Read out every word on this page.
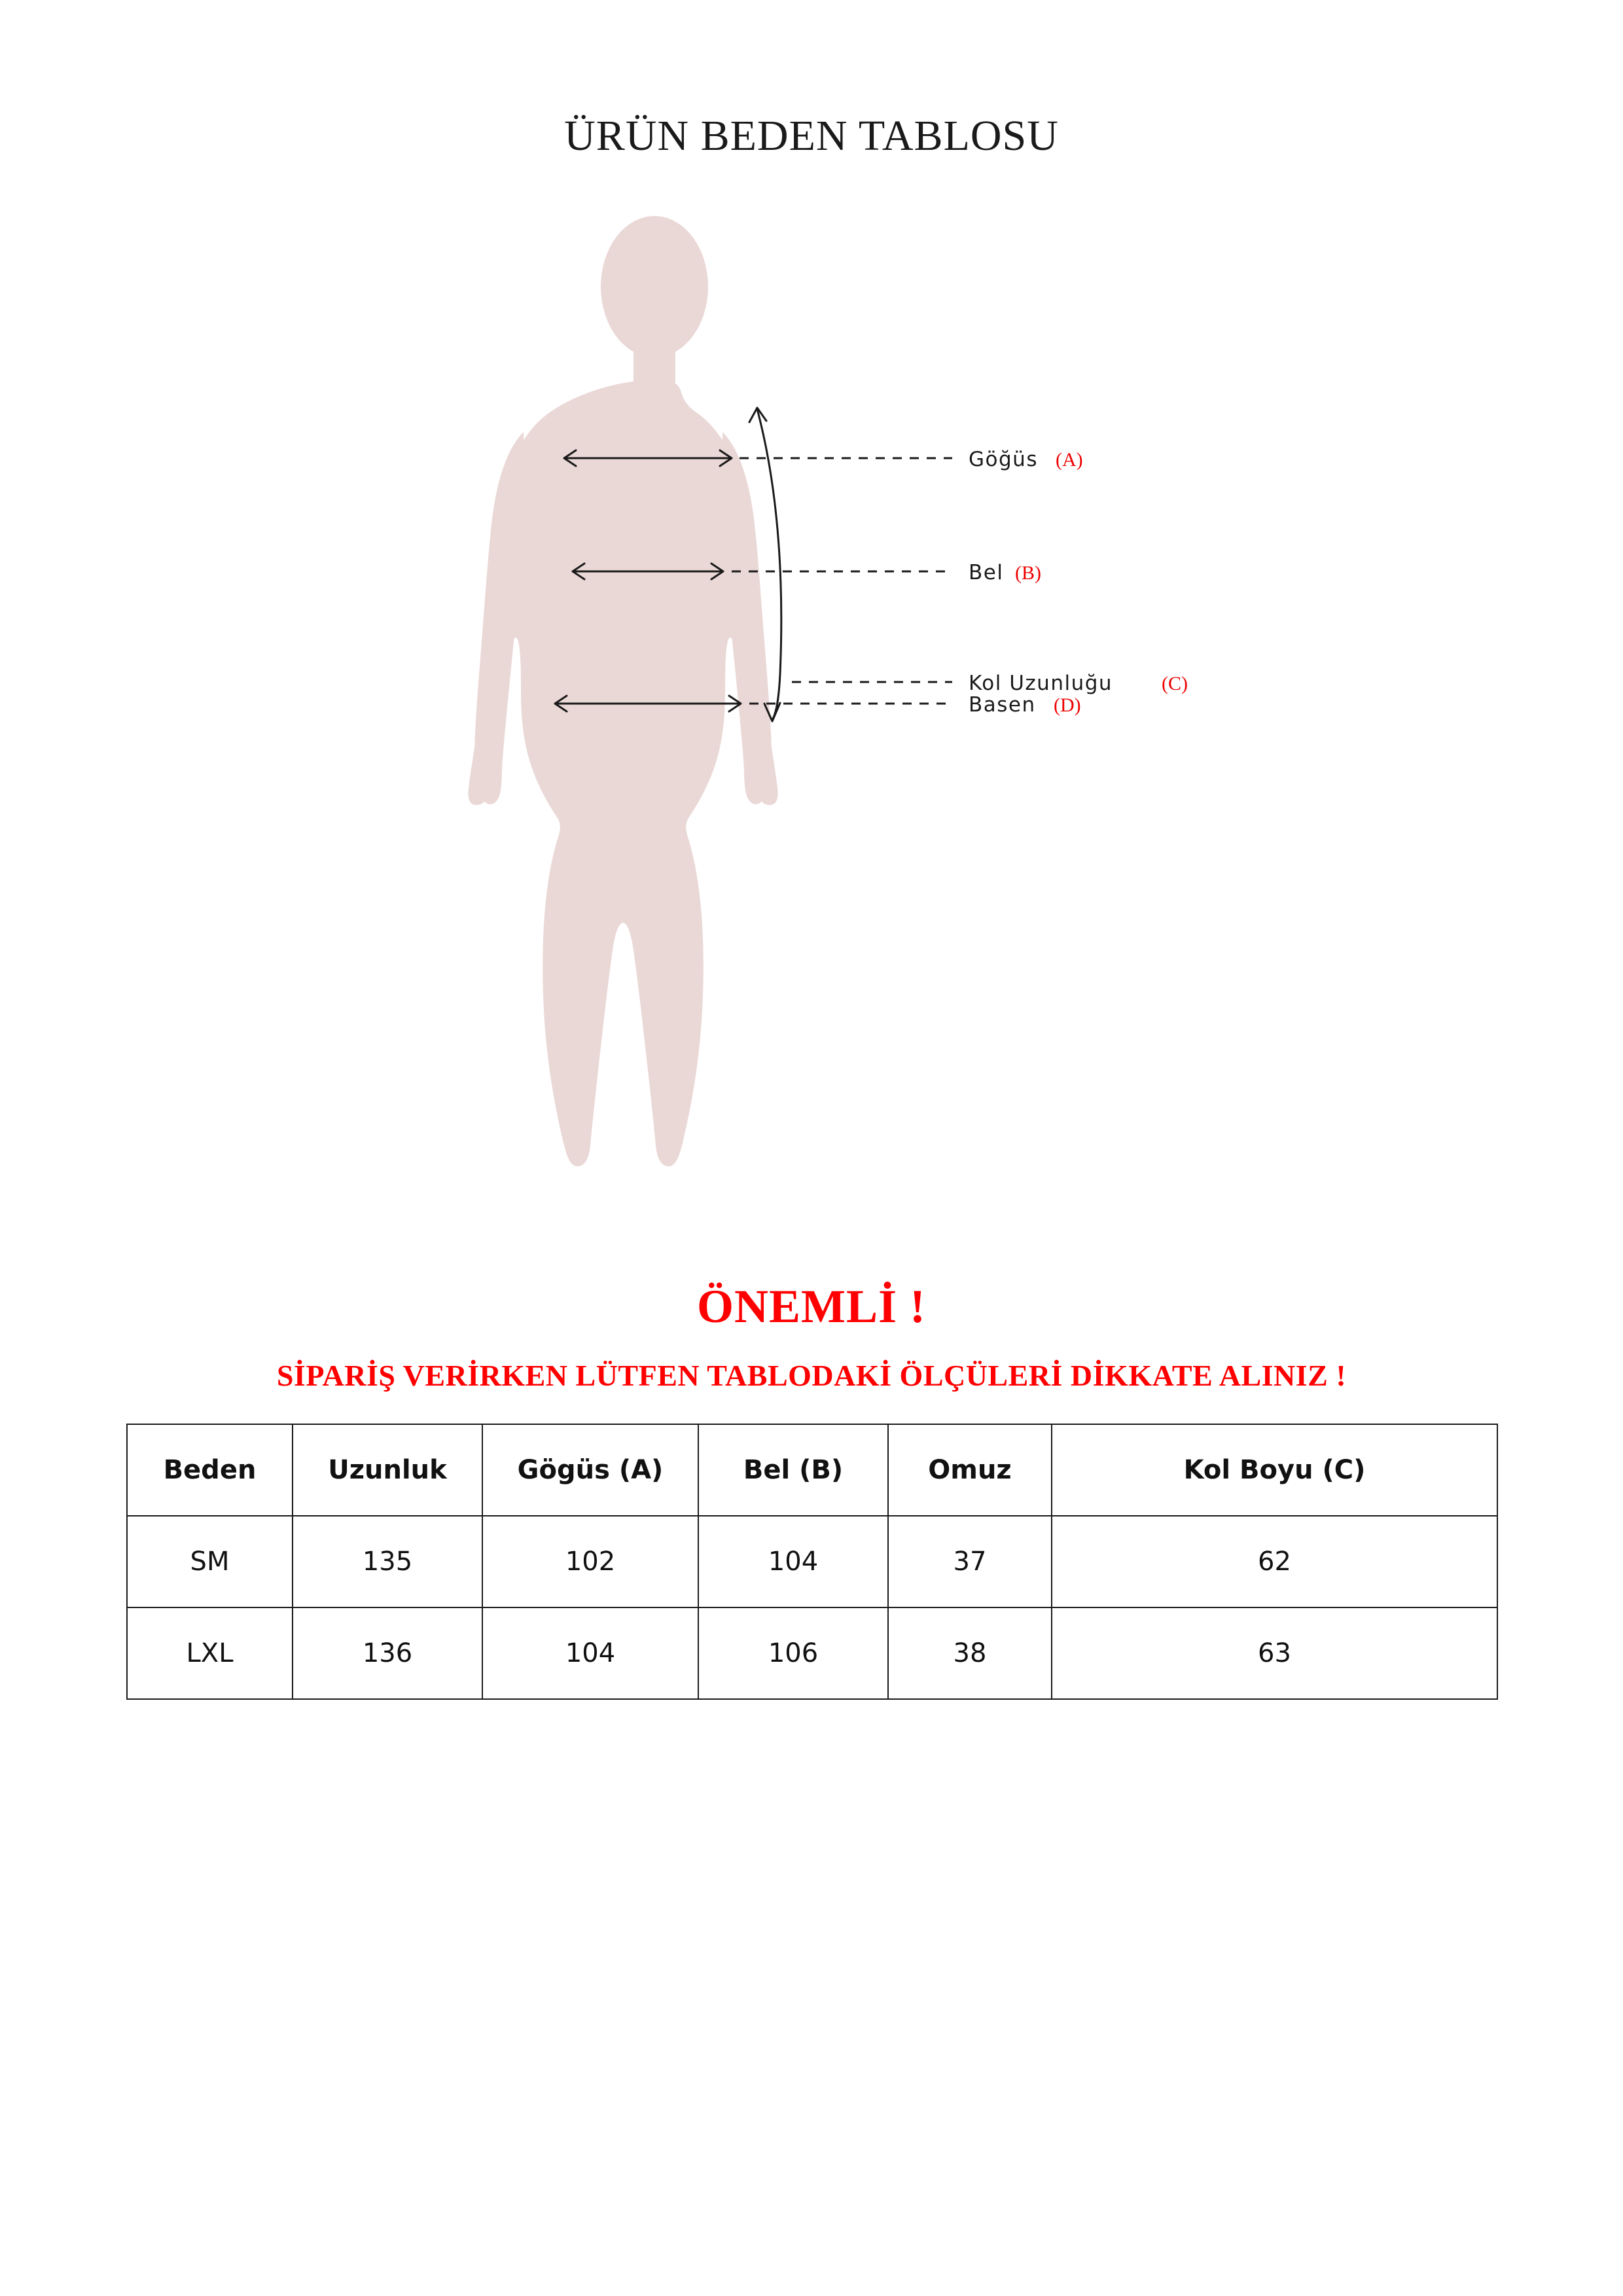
ÜRÜN BEDEN TABLOSU
Göğüs (A)
Bel (B)
Kol Uzunluğu (C)
Basen (D)
ÖNEMLİ !
SİPARİŞ VERİRKEN LÜTFEN TABLODAKİ ÖLÇÜLERİ DİKKATE ALINIZ !
Beden	Uzunluk	Gögüs (A)	Bel (B)	Omuz	Kol Boyu (C)
SM	135	102	104	37	62
LXL	136	104	106	38	63
